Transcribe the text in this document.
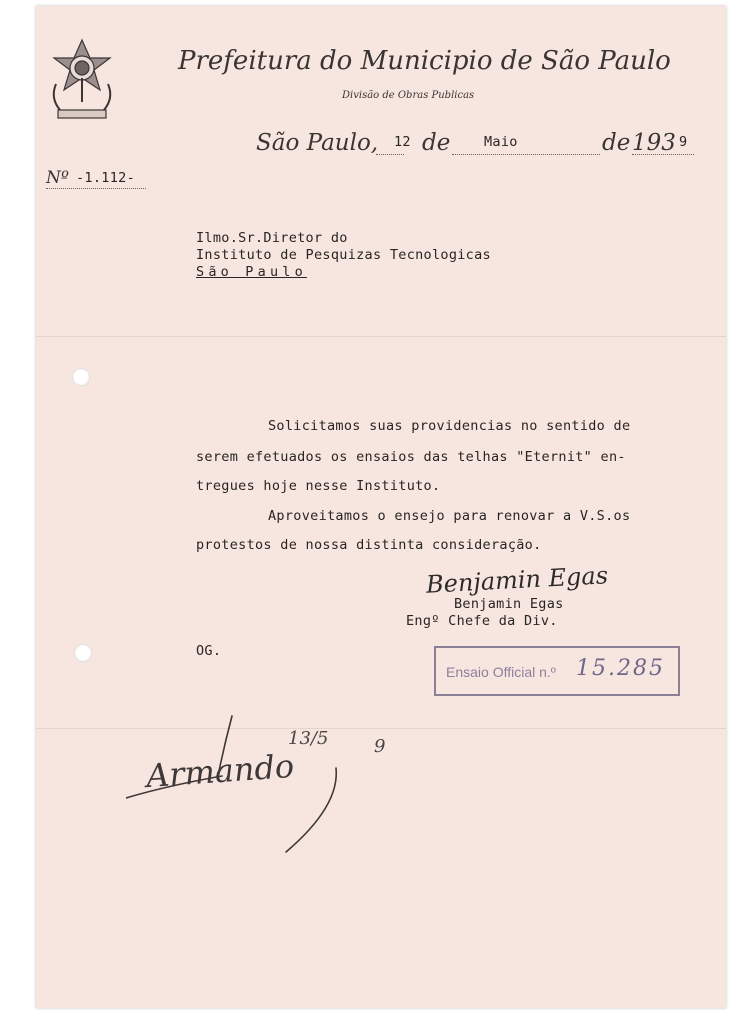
Prefeitura do Municipio de São Paulo
Divisão de Obras Publicas
São Paulo, 12 de Maio	de 193 9
Nº -1.112-
Ilmo.Sr.Diretor do
Instituto de Pesquizas Tecnologicas
São Paulo
Solicitamos suas providencias no sentido de
serem efetuados os ensaios das telhas "Eternit" en-
tregues hoje nesse Instituto.
Aproveitamos o ensejo para renovar a V.S.os
protestos de nossa distinta consideração.
Benjamin Egas
Benjamin Egas
Engº Chefe da Div.
OG.
Ensaio Official n.º 15.285
13/5	9
Armando
